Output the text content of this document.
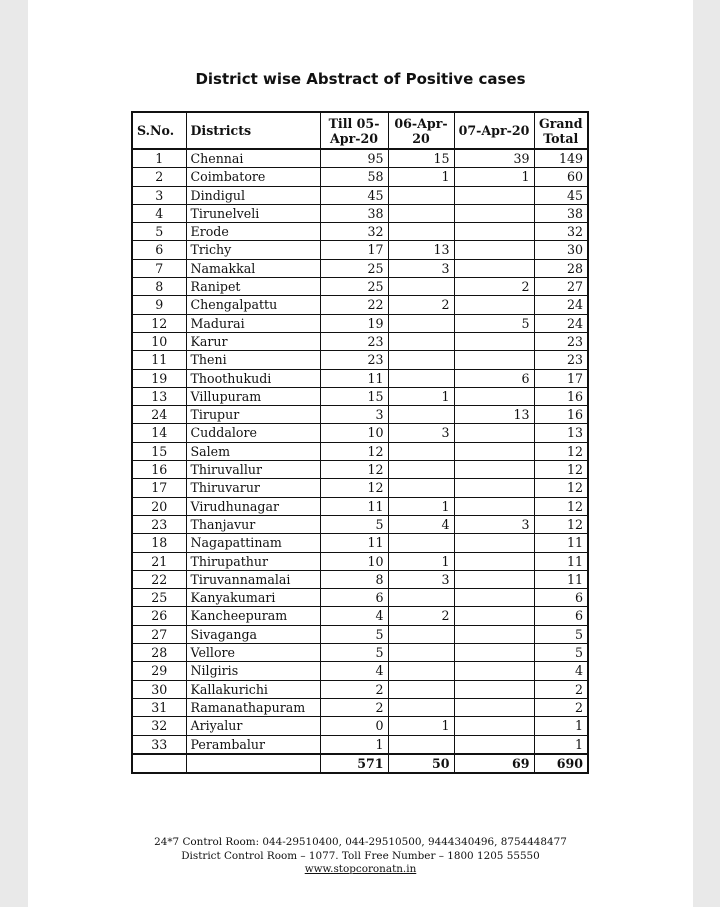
District wise Abstract of Positive cases
S.No.	Districts	Till 05-Apr-20	06-Apr-20	07-Apr-20	Grand Total
1	Chennai	95	15	39	149
2	Coimbatore	58	1	1	60
3	Dindigul	45			45
4	Tirunelveli	38			38
5	Erode	32			32
6	Trichy	17	13		30
7	Namakkal	25	3		28
8	Ranipet	25		2	27
9	Chengalpattu	22	2		24
12	Madurai	19		5	24
10	Karur	23			23
11	Theni	23			23
19	Thoothukudi	11		6	17
13	Villupuram	15	1		16
24	Tirupur	3		13	16
14	Cuddalore	10	3		13
15	Salem	12			12
16	Thiruvallur	12			12
17	Thiruvarur	12			12
20	Virudhunagar	11	1		12
23	Thanjavur	5	4	3	12
18	Nagapattinam	11			11
21	Thirupathur	10	1		11
22	Tiruvannamalai	8	3		11
25	Kanyakumari	6			6
26	Kancheepuram	4	2		6
27	Sivaganga	5			5
28	Vellore	5			5
29	Nilgiris	4			4
30	Kallakurichi	2			2
31	Ramanathapuram	2			2
32	Ariyalur	0	1		1
33	Perambalur	1			1
		571	50	69	690
24*7 Control Room: 044-29510400, 044-29510500, 9444340496, 8754448477
District Control Room – 1077. Toll Free Number – 1800 1205 55550
www.stopcoronatn.in
